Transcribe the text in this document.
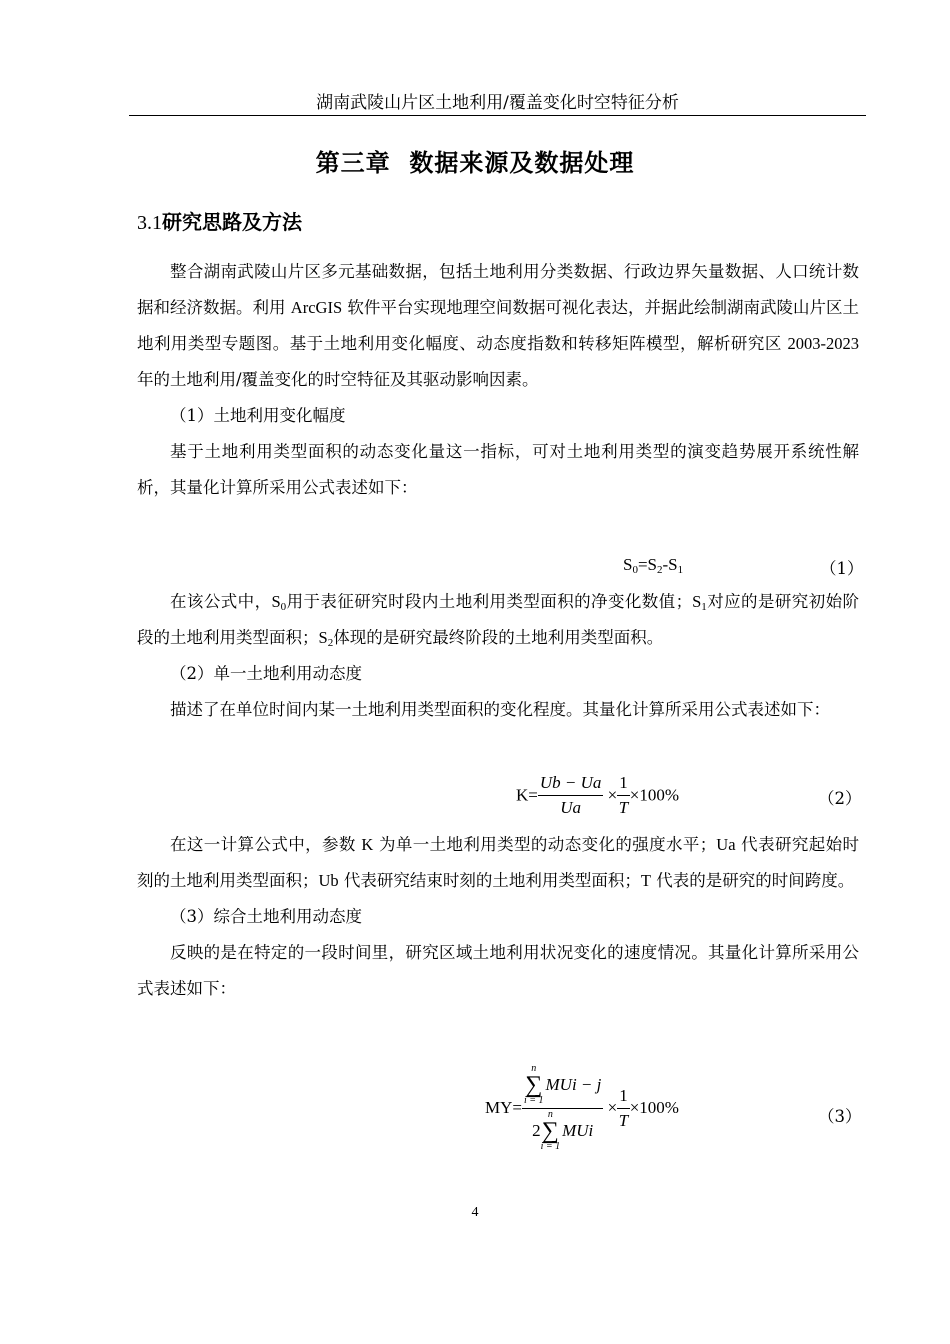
湖南武陵山片区土地利用/覆盖变化时空特征分析
第三章  数据来源及数据处理
3.1研究思路及方法

整合湖南武陵山片区多元基础数据，包括土地利用分类数据、行政边界矢量数据、人口统计数据和经济数据。利用 ArcGIS 软件平台实现地理空间数据可视化表达，并据此绘制湖南武陵山片区土地利用类型专题图。基于土地利用变化幅度、动态度指数和转移矩阵模型，解析研究区 2003-2023 年的土地利用/覆盖变化的时空特征及其驱动影响因素。

（1）土地利用变化幅度

基于土地利用类型面积的动态变化量这一指标，可对土地利用类型的演变趋势展开系统性解析，其量化计算所采用公式表述如下：

$S_0=S_2-S_1$	（1）

在该公式中，$S_0$用于表征研究时段内土地利用类型面积的净变化数值；$S_1$对应的是研究初始阶段的土地利用类型面积；$S_2$体现的是研究最终阶段的土地利用类型面积。

（2）单一土地利用动态度

描述了在单位时间内某一土地利用类型面积的变化程度。其量化计算所采用公式表述如下：

$K= \frac{Ub - Ua}{Ua} \times \frac{1}{T} \times 100\%$	（2）

在这一计算公式中，参数 K 为单一土地利用类型的动态变化的强度水平；Ua 代表研究起始时刻的土地利用类型面积；Ub 代表研究结束时刻的土地利用类型面积；T 代表的是研究的时间跨度。

（3）综合土地利用动态度

反映的是在特定的一段时间里，研究区域土地利用状况变化的速度情况。其量化计算所采用公式表述如下：

MY= n
∑
i = 1
MUi − j
2
n
∑
i = 1
MUi × $\frac{1}{T} \times 100\%$	（3）
4
